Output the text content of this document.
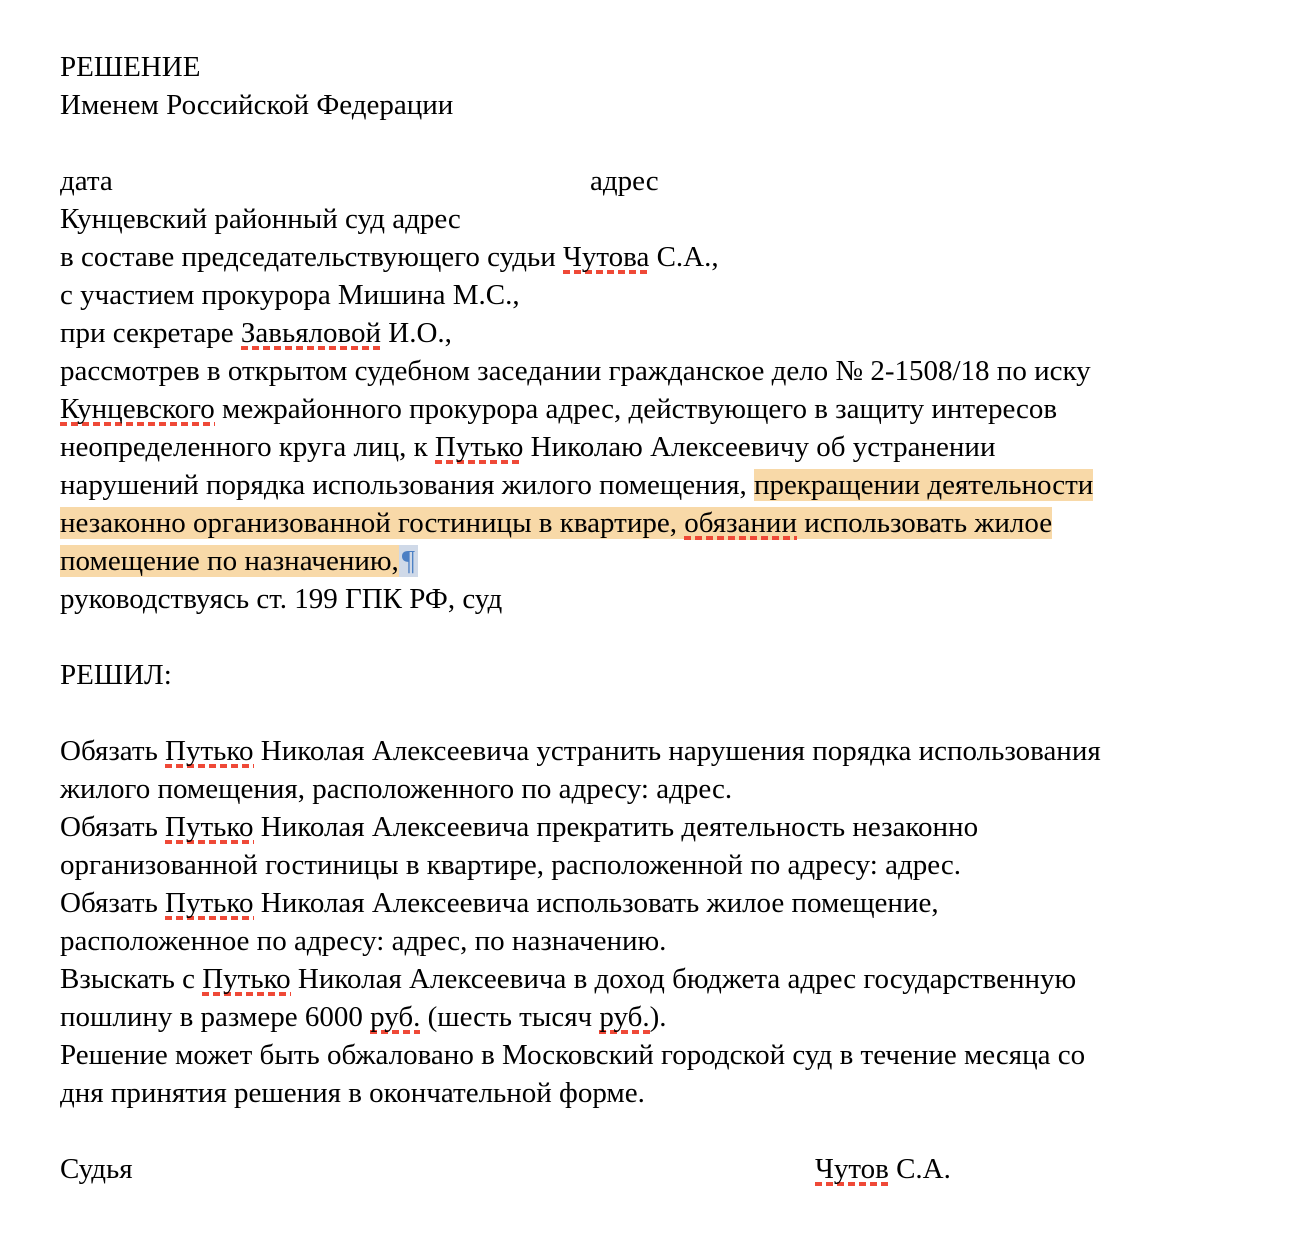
РЕШЕНИЕ
Именем Российской Федерации

дата	адрес
Кунцевский районный суд адрес
в составе председательствующего судьи Чутова С.А.,
с участием прокурора Мишина М.С.,
при секретаре Завьяловой И.О.,
рассмотрев в открытом судебном заседании гражданское дело № 2-1508/18 по иску
Кунцевского межрайонного прокурора адрес, действующего в защиту интересов
неопределенного круга лиц, к Путько Николаю Алексеевичу об устранении
нарушений порядка использования жилого помещения, прекращении деятельности
незаконно организованной гостиницы в квартире, обязании использовать жилое
помещение по назначению, ¶
руководствуясь ст. 199 ГПК РФ, суд

РЕШИЛ:

Обязать Путько Николая Алексеевича устранить нарушения порядка использования
жилого помещения, расположенного по адресу: адрес.
Обязать Путько Николая Алексеевича прекратить деятельность незаконно
организованной гостиницы в квартире, расположенной по адресу: адрес.
Обязать Путько Николая Алексеевича использовать жилое помещение,
расположенное по адресу: адрес, по назначению.
Взыскать с Путько Николая Алексеевича в доход бюджета адрес государственную
пошлину в размере 6000 руб. (шесть тысяч руб.).
Решение может быть обжаловано в Московский городской суд в течение месяца со
дня принятия решения в окончательной форме.

Судья	Чутов С.А.
